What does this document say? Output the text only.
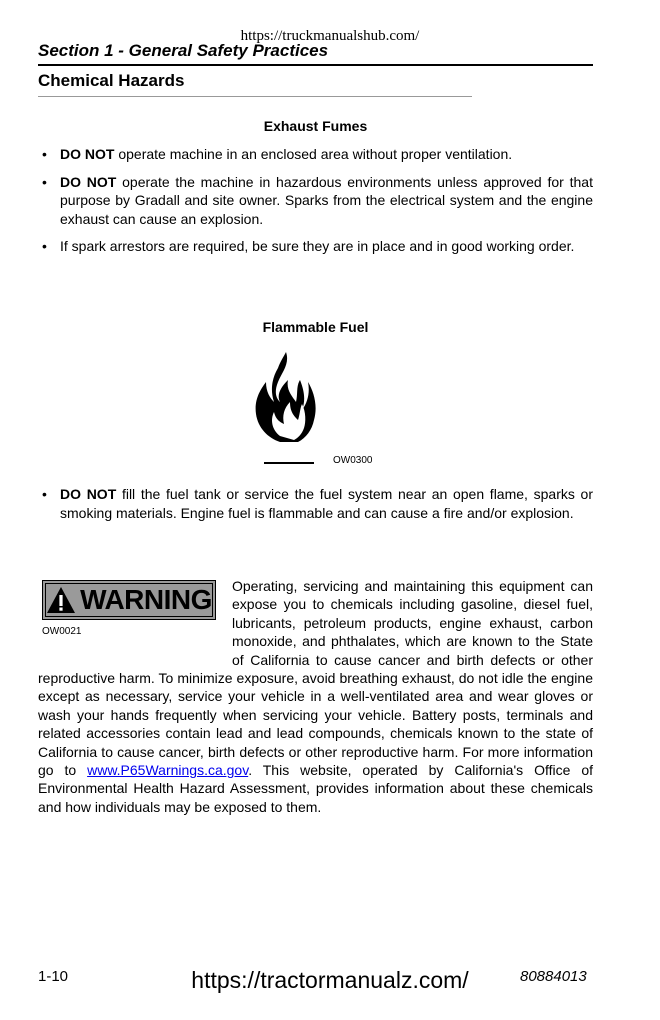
https://truckmanualshub.com/
Section 1 - General Safety Practices
Chemical Hazards
Exhaust Fumes
• DO NOT operate machine in an enclosed area without proper ventilation.
• DO NOT operate the machine in hazardous environments unless approved for that purpose by Gradall and site owner. Sparks from the electrical system and the engine exhaust can cause an explosion.
• If spark arrestors are required, be sure they are in place and in good working order.
Flammable Fuel
OW0300
• DO NOT fill the fuel tank or service the fuel system near an open flame, sparks or smoking materials. Engine fuel is flammable and can cause a fire and/or explosion.
Operating, servicing and maintaining this equipment can expose you to chemicals including gasoline, diesel fuel, lubricants, petroleum products, engine exhaust, carbon monoxide, and phthalates, which are known to the State of California to cause cancer and birth defects or other reproductive harm. To minimize exposure, avoid breathing exhaust, do not idle the engine except as necessary, service your vehicle in a well-ventilated area and wear gloves or wash your hands frequently when servicing your vehicle. Battery posts, terminals and related accessories contain lead and lead compounds, chemicals known to the state of California to cause cancer, birth defects or other reproductive harm. For more information go to www.P65Warnings.ca.gov. This website, operated by California's Office of Environmental Health Hazard Assessment, provides information about these chemicals and how individuals may be exposed to them.
WARNING
OW0021
1-10	https://tractormanualz.com/	80884013
